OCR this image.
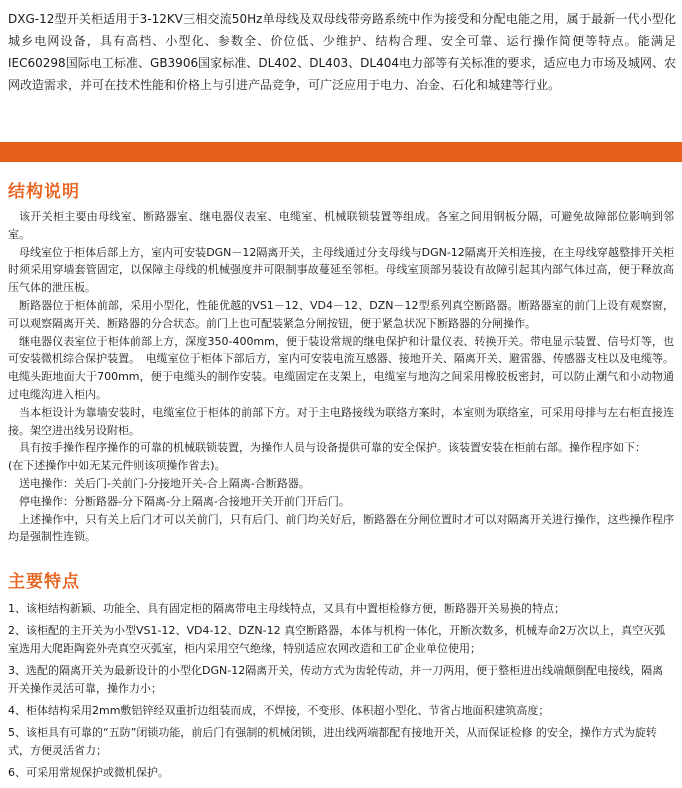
DXG-12型开关柜适用于3-12KV三相交流50Hz单母线及双母线带旁路系统中作为接受和分配电能之用，属于最新一代小型化城乡电网设备，具有高档、小型化、参数全、价位低、少维护、结构合理、安全可靠、运行操作简便等特点。能满足IEC60298国际电工标准、GB3906国家标准、DL402、DL403、DL404电力部等有关标准的要求，适应电力市场及城网、农网改造需求，并可在技术性能和价格上与引进产品竞争，可广泛应用于电力、冶金、石化和城建等行业。
结构说明

该开关柜主要由母线室、断路器室、继电器仪表室、电缆室、机械联锁装置等组成。各室之间用钢板分隔，可避免故障部位影响到邻室。

母线室位于柜体后部上方，室内可安装DGN－12隔离开关，主母线通过分支母线与DGN-12隔离开关相连接，在主母线穿越整排开关柜时须采用穿墙套管固定，以保障主母线的机械强度并可限制事故蔓延至邻柜。母线室顶部另装设有故障引起其内部气体过高，便于释放高压气体的泄压板。

断路器位于柜体前部，采用小型化，性能优越的VS1－12、VD4－12、DZN－12型系列真空断路器。断路器室的前门上设有观察窗，可以观察隔离开关、断路器的分合状态。前门上也可配装紧急分闸按钮，便于紧急状况下断路器的分闸操作。

继电器仪表室位于柜体前部上方，深度350-400mm，便于装设常规的继电保护和计量仪表、转换开关。带电显示装置、信号灯等，也可安装微机综合保护装置。　电缆室位于柜体下部后方，室内可安装电流互感器、接地开关、隔离开关、避雷器、传感器支柱以及电缆等。电缆头距地面大于700mm，便于电缆头的制作安装。电缆固定在支架上，电缆室与地沟之间采用橡胶板密封，可以防止潮气和小动物通过电缆沟进入柜内。

当本柜设计为靠墙安装时，电缆室位于柜体的前部下方。对于主电路接线为联络方案时，本室则为联络室，可采用母排与左右柜直接连接。架空进出线另设附柜。

具有按手操作程序操作的可靠的机械联锁装置，为操作人员与设备提供可靠的安全保护。该装置安装在柜前右部。操作程序如下：

(在下述操作中如无某元件则该项操作省去)。

送电操作：关后门-关前门-分接地开关-合上隔离-合断路器。

停电操作：分断路器-分下隔离-分上隔离-合接地开关开前门开后门。

上述操作中，只有关上后门才可以关前门，只有后门、前门均关好后，断路器在分闸位置时才可以对隔离开关进行操作，这些操作程序均是强制性连锁。

主要特点
1、该柜结构新颖、功能全、具有固定柜的隔离带电主母线特点，又具有中置柜检修方便，断路器开关易换的特点；
2、该柜配的主开关为小型VS1-12、VD4-12、DZN-12 真空断路器，本体与机构一体化，开断次数多，机械寿命2万次以上，真空灭弧室选用大爬距陶瓷外壳真空灭弧室，柜内采用空气绝缘，特别适应农网改造和工矿企业单位使用；
3、选配的隔离开关为最新设计的小型化DGN-12隔离开关，传动方式为齿轮传动，并一刀两用，便于整柜进出线端颠倒配电接线，隔离开关操作灵活可靠，操作力小；
4、柜体结构采用2mm敷铝锌经双重折边组装而成，不焊接，不变形、体积超小型化、节省占地面积建筑高度；
5、该柜具有可靠的“五防”闭锁功能，前后门有强制的机械闭锁，进出线两端都配有接地开关，从而保证检修 的安全，操作方式为旋转式，方便灵活省力；
6、可采用常规保护或微机保护。
